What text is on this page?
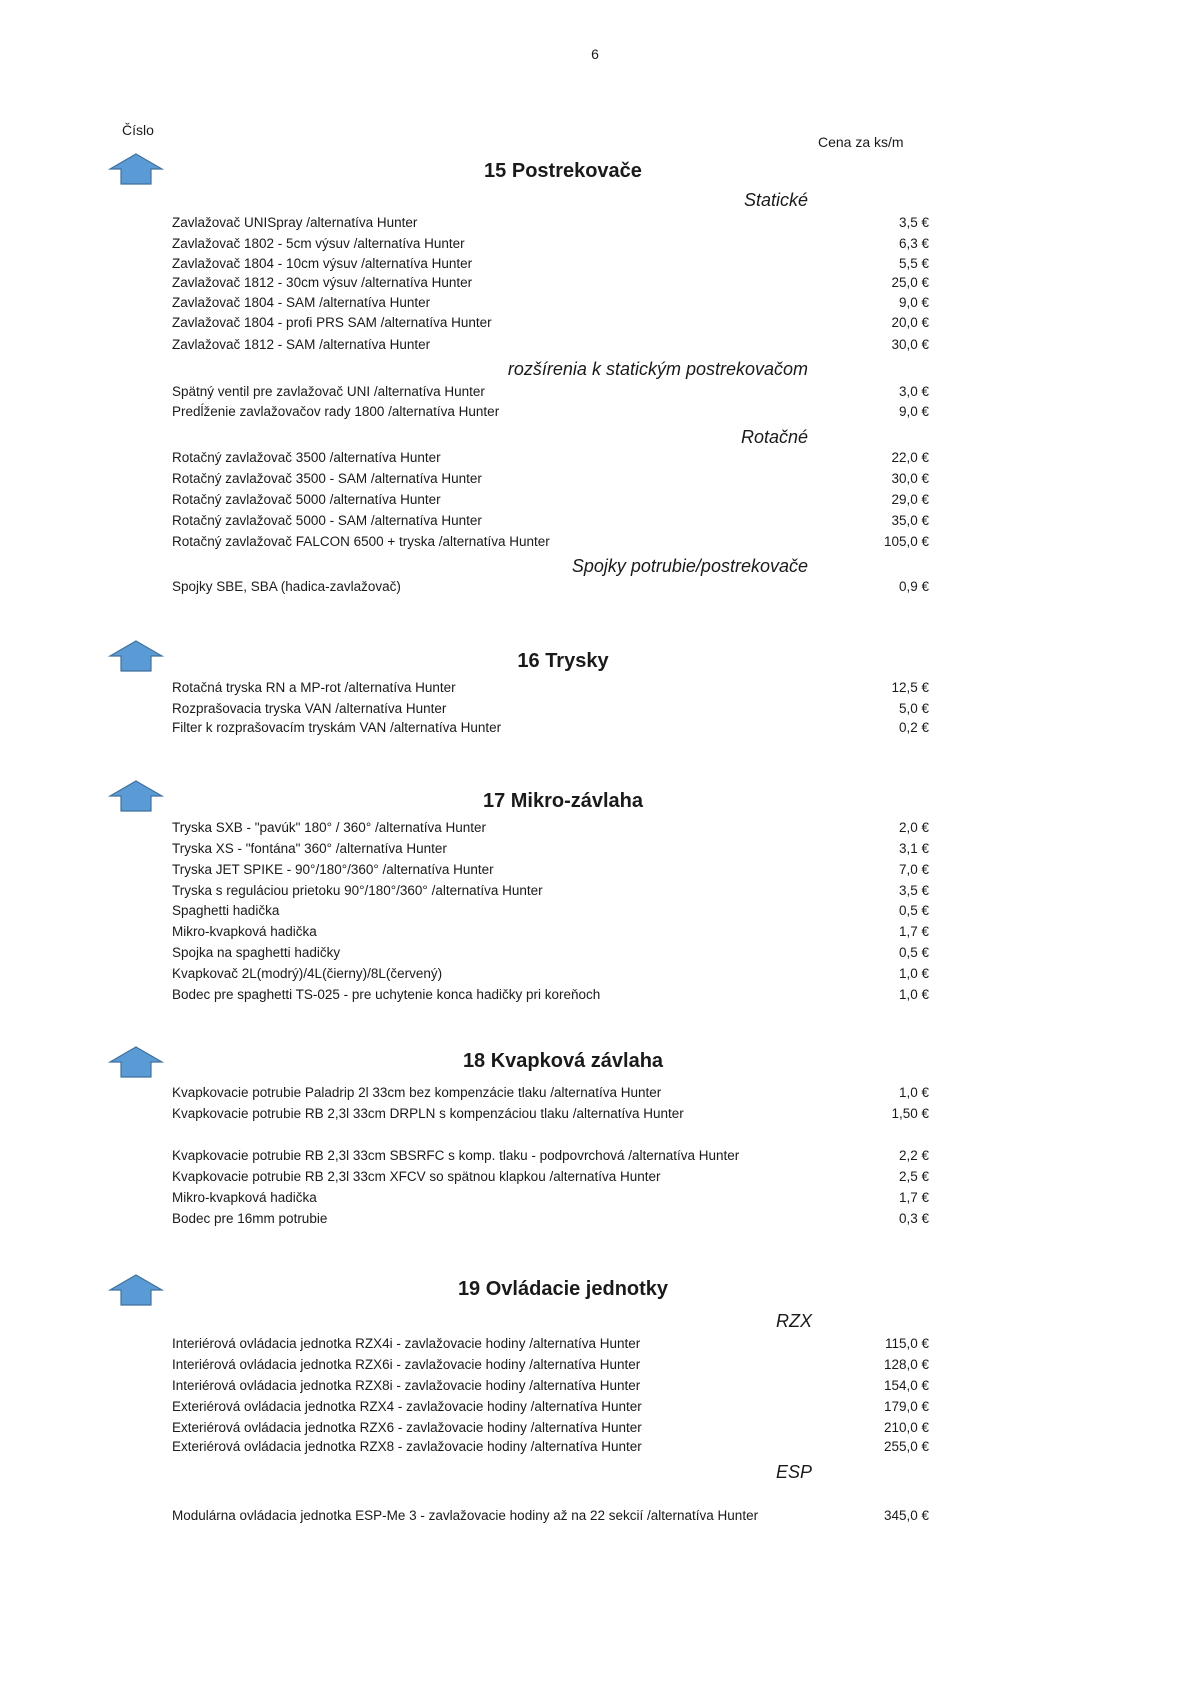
6
Číslo
Cena za ks/m
15 Postrekovače
Statické
Zavlažovač UNISpray /alternatíva Hunter	3,5 €
Zavlažovač 1802 - 5cm výsuv /alternatíva Hunter	6,3 €
Zavlažovač 1804 - 10cm výsuv /alternatíva Hunter	5,5 €
Zavlažovač 1812 - 30cm výsuv /alternatíva Hunter	25,0 €
Zavlažovač 1804 - SAM /alternatíva Hunter	9,0 €
Zavlažovač 1804 - profi PRS SAM /alternatíva Hunter	20,0 €
Zavlažovač 1812 - SAM /alternatíva Hunter	30,0 €
rozšírenia k statickým postrekovačom
Spätný ventil pre zavlažovač UNI /alternatíva Hunter	3,0 €
Predĺženie zavlažovačov rady 1800 /alternatíva Hunter	9,0 €
Rotačné
Rotačný zavlažovač 3500 /alternatíva Hunter	22,0 €
Rotačný zavlažovač 3500 - SAM /alternatíva Hunter	30,0 €
Rotačný zavlažovač 5000 /alternatíva Hunter	29,0 €
Rotačný zavlažovač 5000 - SAM /alternatíva Hunter	35,0 €
Rotačný zavlažovač FALCON 6500 + tryska /alternatíva Hunter	105,0 €
Spojky potrubie/postrekovače
Spojky SBE, SBA (hadica-zavlažovač)	0,9 €
16 Trysky
Rotačná tryska RN a MP-rot /alternatíva Hunter	12,5 €
Rozprašovacia tryska VAN /alternatíva Hunter	5,0 €
Filter k rozprašovacím tryskám VAN /alternatíva Hunter	0,2 €
17 Mikro-závlaha
Tryska SXB - "pavúk" 180° / 360° /alternatíva Hunter	2,0 €
Tryska XS - "fontána" 360° /alternatíva Hunter	3,1 €
Tryska JET SPIKE - 90°/180°/360° /alternatíva Hunter	7,0 €
Tryska s reguláciou prietoku 90°/180°/360° /alternatíva Hunter	3,5 €
Spaghetti hadička	0,5 €
Mikro-kvapková hadička	1,7 €
Spojka na spaghetti hadičky	0,5 €
Kvapkovač 2L(modrý)/4L(čierny)/8L(červený)	1,0 €
Bodec pre spaghetti TS-025 - pre uchytenie konca hadičky pri koreňoch	1,0 €
18 Kvapková závlaha
Kvapkovacie potrubie Paladrip 2l 33cm bez kompenzácie tlaku /alternatíva Hunter	1,0 €
Kvapkovacie potrubie RB 2,3l 33cm DRPLN s kompenzáciou tlaku /alternatíva Hunter	1,50 €
Kvapkovacie potrubie RB 2,3l 33cm SBSRFC s komp. tlaku - podpovrchová /alternatíva Hunter	2,2 €
Kvapkovacie potrubie RB 2,3l 33cm XFCV so spätnou klapkou /alternatíva Hunter	2,5 €
Mikro-kvapková hadička	1,7 €
Bodec pre 16mm potrubie	0,3 €
19 Ovládacie jednotky
RZX
Interiérová ovládacia jednotka RZX4i - zavlažovacie hodiny /alternatíva Hunter	115,0 €
Interiérová ovládacia jednotka RZX6i - zavlažovacie hodiny /alternatíva Hunter	128,0 €
Interiérová ovládacia jednotka RZX8i - zavlažovacie hodiny /alternatíva Hunter	154,0 €
Exteriérová ovládacia jednotka RZX4 - zavlažovacie hodiny /alternatíva Hunter	179,0 €
Exteriérová ovládacia jednotka RZX6 - zavlažovacie hodiny /alternatíva Hunter	210,0 €
Exteriérová ovládacia jednotka RZX8 - zavlažovacie hodiny /alternatíva Hunter	255,0 €
ESP
Modulárna ovládacia jednotka ESP-Me 3 - zavlažovacie hodiny až na 22 sekcií /alternatíva Hunter	345,0 €
